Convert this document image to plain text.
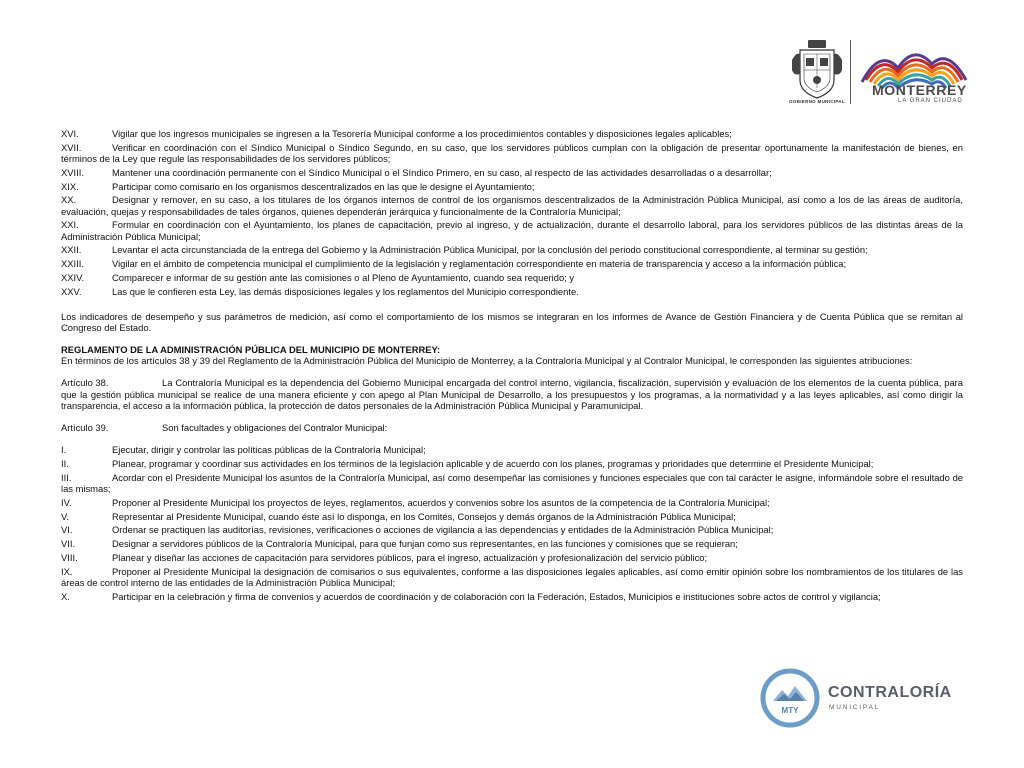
GOBIERNO MUNICIPAL
MONTERREY
LA GRAN CIUDAD
XVI.	Vigilar que los ingresos municipales se ingresen a la Tesorería Municipal conforme a los procedimientos contables y disposiciones legales aplicables;
XVII.	Verificar en coordinación con el Síndico Municipal o Síndico Segundo, en su caso, que los servidores públicos cumplan con la obligación de presentar oportunamente la manifestación de bienes, en términos de la Ley que regule las responsabilidades de los servidores públicos;
XVIII.	Mantener una coordinación permanente con el Síndico Municipal o el Síndico Primero, en su caso, al respecto de las actividades desarrolladas o a desarrollar;
XIX.	Participar como comisario en los organismos descentralizados en las que le designe el Ayuntamiento;
XX.	Designar y remover, en su caso, a los titulares de los órganos internos de control de los organismos descentralizados de la Administración Pública Municipal, así como a los de las áreas de auditoría, evaluación, quejas y responsabilidades de tales órganos, quienes dependerán jerárquica y funcionalmente de la Contraloría Municipal;
XXI.	Formular en coordinación con el Ayuntamiento, los planes de capacitación, previo al ingreso, y de actualización, durante el desarrollo laboral, para los servidores públicos de las distintas áreas de la Administración Pública Municipal;
XXII.	Levantar el acta circunstanciada de la entrega del Gobierno y la Administración Pública Municipal, por la conclusión del periodo constitucional correspondiente, al terminar su gestión;
XXIII.	Vigilar en el ámbito de competencia municipal el cumplimiento de la legislación y reglamentación correspondiente en materia de transparencia y acceso a la información pública;
XXIV.	Comparecer e informar de su gestión ante las comisiones o al Pleno de Ayuntamiento, cuando sea requerido; y
XXV.	Las que le confieren esta Ley, las demás disposiciones legales y los reglamentos del Municipio correspondiente.

Los indicadores de desempeño y sus parámetros de medición, así como el comportamiento de los mismos se integraran en los informes de Avance de Gestión Financiera y de Cuenta Pública que se remitan al Congreso del Estado.

REGLAMENTO DE LA ADMINISTRACIÓN PÚBLICA DEL MUNICIPIO DE MONTERREY:

En términos de los artículos 38 y 39 del Reglamento de la Administración Pública del Municipio de Monterrey, a la Contraloría Municipal y al Contralor Municipal, le corresponden las siguientes atribuciones:

Artículo 38.	La Contraloría Municipal es la dependencia del Gobierno Municipal encargada del control interno, vigilancia, fiscalización, supervisión y evaluación de los elementos de la cuenta pública, para que la gestión pública municipal se realice de una manera eficiente y con apego al Plan Municipal de Desarrollo, a los presupuestos y los programas, a la normatividad y a las leyes aplicables, así como dirigir la transparencia, el acceso a la información pública, la protección de datos personales de la Administración Pública Municipal y Paramunicipal.

Artículo 39.	Son facultades y obligaciones del Contralor Municipal:

I.	Ejecutar, dirigir y controlar las políticas públicas de la Contraloría Municipal;
II.	Planear, programar y coordinar sus actividades en los términos de la legislación aplicable y de acuerdo con los planes, programas y prioridades que determine el Presidente Municipal;
III.	Acordar con el Presidente Municipal los asuntos de la Contraloría Municipal, así como desempeñar las comisiones y funciones especiales que con tal carácter le asigne, informándole sobre el resultado de las mismas;
IV.	Proponer al Presidente Municipal los proyectos de leyes, reglamentos, acuerdos y convenios sobre los asuntos de la competencia de la Contraloría Municipal;
V.	Representar al Presidente Municipal, cuando éste así lo disponga, en los Comités, Consejos y demás órganos de la Administración Pública Municipal;
VI.	Ordenar se practiquen las auditorías, revisiones, verificaciones o acciones de vigilancia a las dependencias y entidades de la Administración Pública Municipal;
VII.	Designar a servidores públicos de la Contraloría Municipal, para que funjan como sus representantes, en las funciones y comisiones que se requieran;
VIII.	Planear y diseñar las acciones de capacitación para servidores públicos, para el ingreso, actualización y profesionalización del servicio público;
IX.	Proponer al Presidente Municipal la designación de comisarios o sus equivalentes, conforme a las disposiciones legales aplicables, así como emitir opinión sobre los nombramientos de los titulares de las áreas de control interno de las entidades de la Administración Pública Municipal;
X.	Participar en la celebración y firma de convenios y acuerdos de coordinación y de colaboración con la Federación, Estados, Municipios e instituciones sobre actos de control y vigilancia;
MTY
CONTRALORÍA
MUNICIPAL
